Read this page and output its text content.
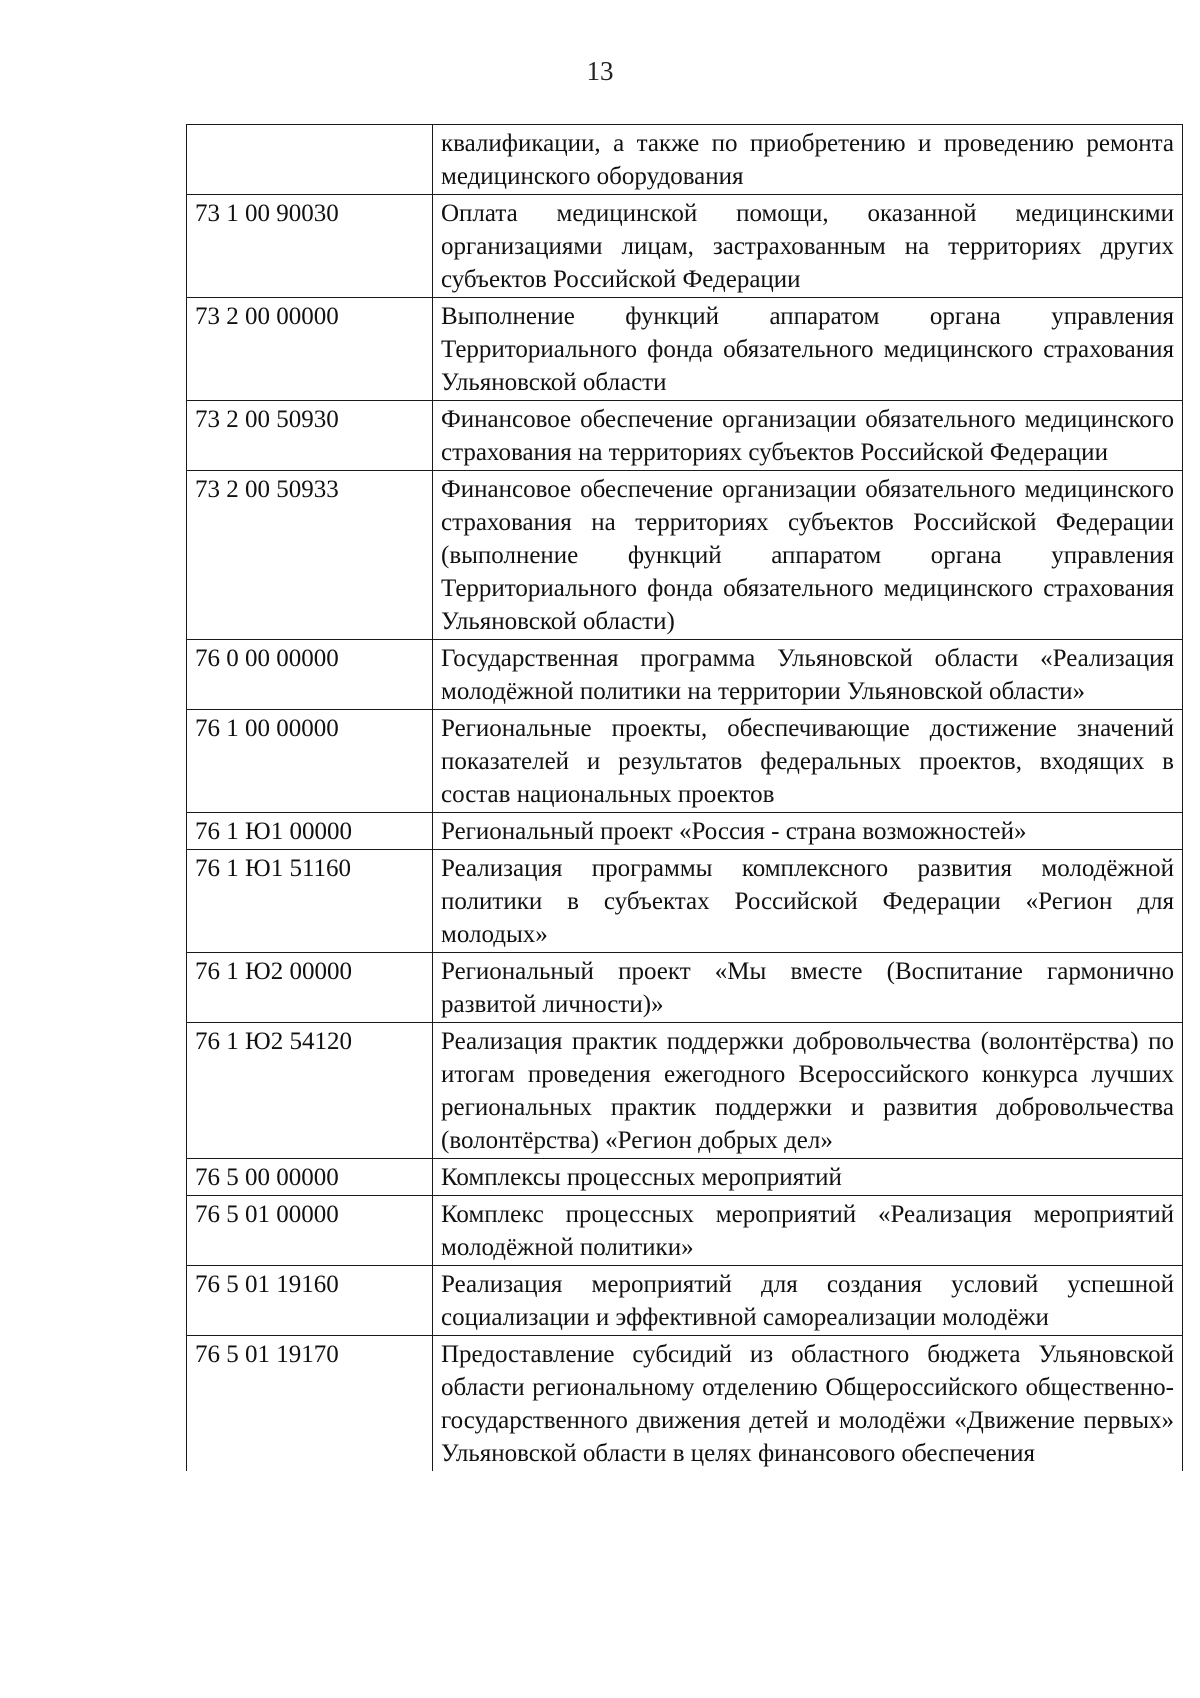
13
	квалификации, а также по приобретению и проведению ремонта медицинского оборудования
73 1 00 90030	Оплата медицинской помощи, оказанной медицинскими организациями лицам, застрахованным на территориях других субъектов Российской Федерации
73 2 00 00000	Выполнение функций аппаратом органа управления Территориального фонда обязательного медицинского страхования Ульяновской области
73 2 00 50930	Финансовое обеспечение организации обязательного медицинского страхования на территориях субъектов Российской Федерации
73 2 00 50933	Финансовое обеспечение организации обязательного медицинского страхования на территориях субъектов Российской Федерации (выполнение функций аппаратом органа управления Территориального фонда обязательного медицинского страхования Ульяновской области)
76 0 00 00000	Государственная программа Ульяновской области «Реализация молодёжной политики на территории Ульяновской области»
76 1 00 00000	Региональные проекты, обеспечивающие достижение значений показателей и результатов федеральных проектов, входящих в состав национальных проектов
76 1 Ю1 00000	Региональный проект «Россия - страна возможностей»
76 1 Ю1 51160	Реализация программы комплексного развития молодёжной политики в субъектах Российской Федерации «Регион для молодых»
76 1 Ю2 00000	Региональный проект «Мы вместе (Воспитание гармонично развитой личности)»
76 1 Ю2 54120	Реализация практик поддержки добровольчества (волонтёрства) по итогам проведения ежегодного Всероссийского конкурса лучших региональных практик поддержки и развития добровольчества (волонтёрства) «Регион добрых дел»
76 5 00 00000	Комплексы процессных мероприятий
76 5 01 00000	Комплекс процессных мероприятий «Реализация мероприятий молодёжной политики»
76 5 01 19160	Реализация мероприятий для создания условий успешной социализации и эффективной самореализации молодёжи
76 5 01 19170	Предоставление субсидий из областного бюджета Ульяновской области региональному отделению Общероссийского общественно-государственного движения детей и молодёжи «Движение первых» Ульяновской области в целях финансового обеспечения
